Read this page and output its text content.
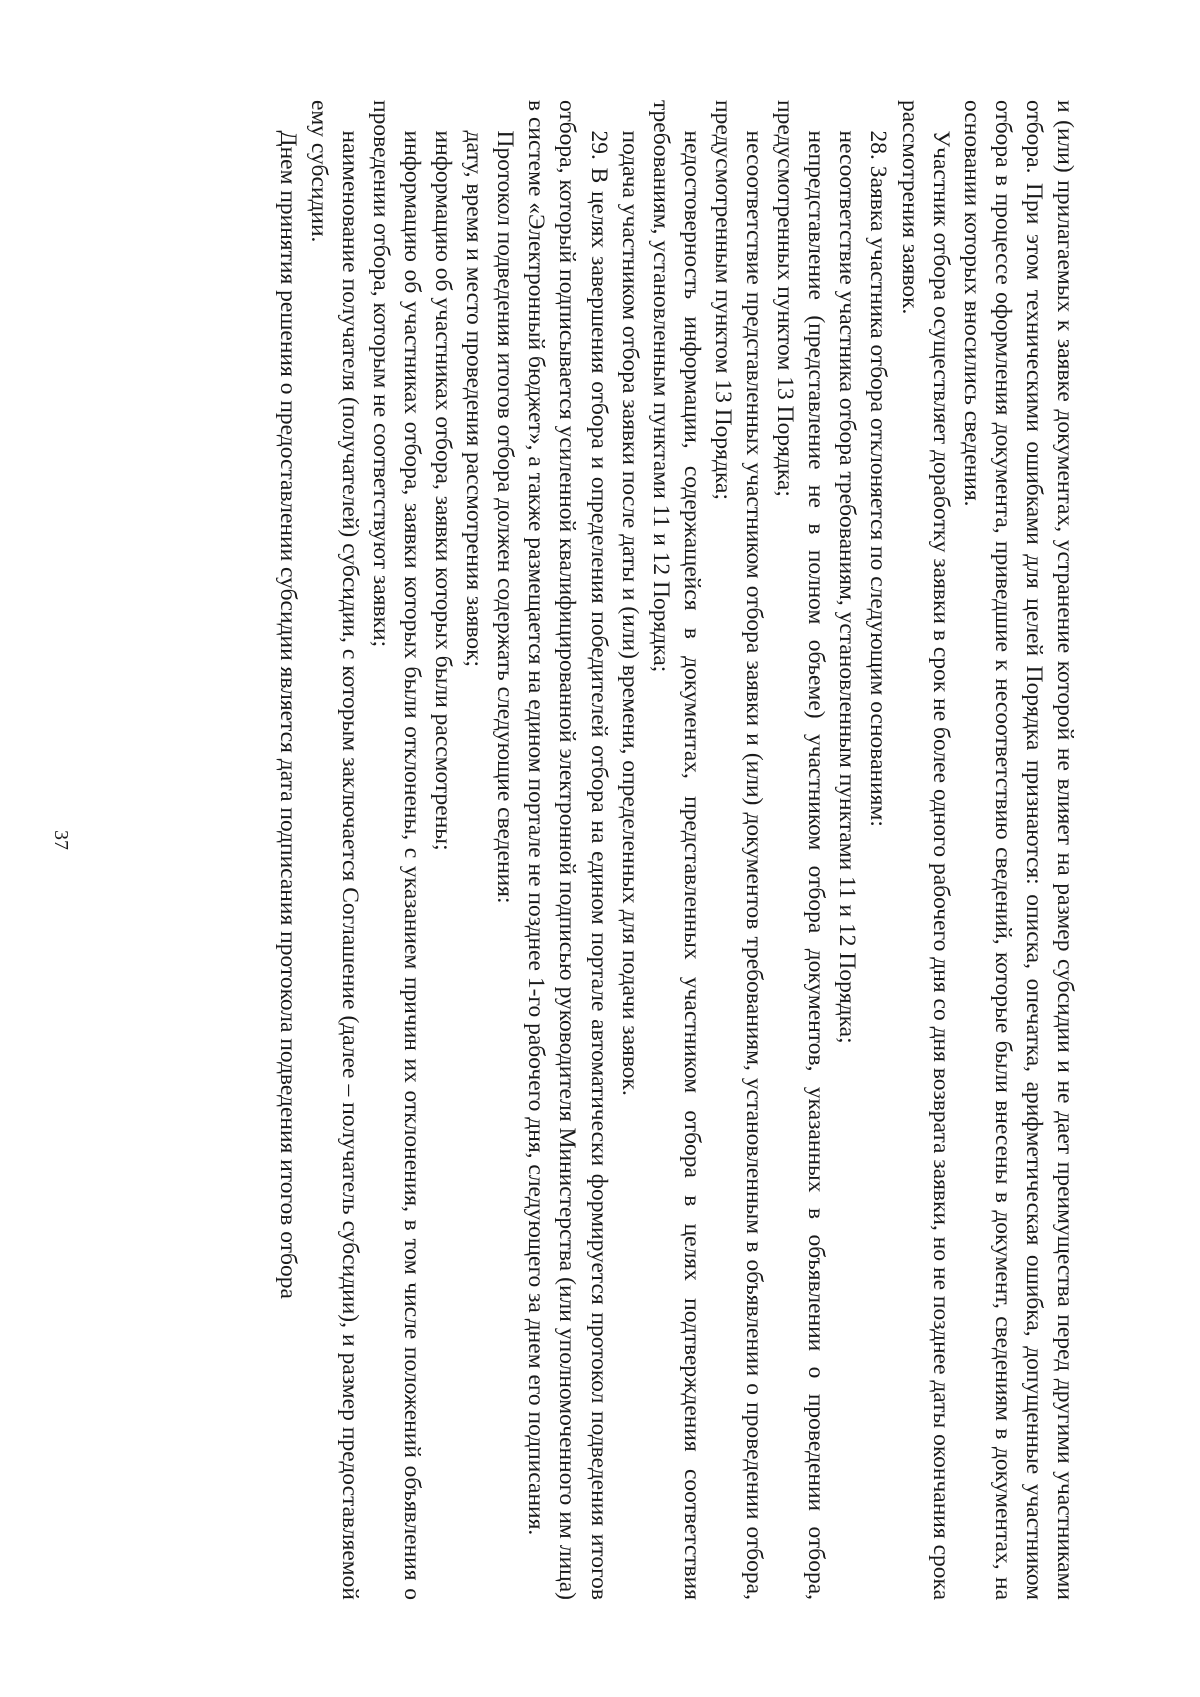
37	и (или) прилагаемых к заявке документах, устранение которой не влияет на размер субсидии и не дает преимущества перед другими участниками отбора. При этом техническими ошибками для целей Порядка признаются: описка, опечатка, арифметическая ошибка, допущенные участником отбора в процессе оформления документа, приведшие к несоответствию сведений, которые были внесены в документ, сведениям в документах, на основании которых вносились сведения.

Участник отбора осуществляет доработку заявки в срок не более одного рабочего дня со дня возврата заявки, но не позднее даты окончания срока рассмотрения заявок.

28. Заявка участника отбора отклоняется по следующим основаниям:

несоответствие участника отбора требованиям, установленным пунктами 11 и 12 Порядка;

непредставление (представление не в полном объеме) участником отбора документов, указанных в объявлении о проведении отбора, предусмотренных пунктом 13 Порядка;

несоответствие представленных участником отбора заявки и (или) документов требованиям, установленным в объявлении о проведении отбора, предусмотренным пунктом 13 Порядка;

недостоверность информации, содержащейся в документах, представленных участником отбора в целях подтверждения соответствия требованиям, установленным пунктами 11 и 12 Порядка;

подача участником отбора заявки после даты и (или) времени, определенных для подачи заявок.

29. В целях завершения отбора и определения победителей отбора на едином портале автоматически формируется протокол подведения итогов отбора, который подписывается усиленной квалифицированной электронной подписью руководителя Министерства (или уполномоченного им лица) в системе «Электронный бюджет», а также размещается на едином портале не позднее 1-го рабочего дня, следующего за днем его подписания.

Протокол подведения итогов отбора должен содержать следующие сведения:

дату, время и место проведения рассмотрения заявок;

информацию об участниках отбора, заявки которых были рассмотрены;

информацию об участниках отбора, заявки которых были отклонены, с указанием причин их отклонения, в том числе положений объявления о проведении отбора, которым не соответствуют заявки;

наименование получателя (получателей) субсидии, с которым заключается Соглашение (далее – получатель субсидии), и размер предоставляемой ему субсидии.

Днем принятия решения о предоставлении субсидии является дата подписания протокола подведения итогов отбора
